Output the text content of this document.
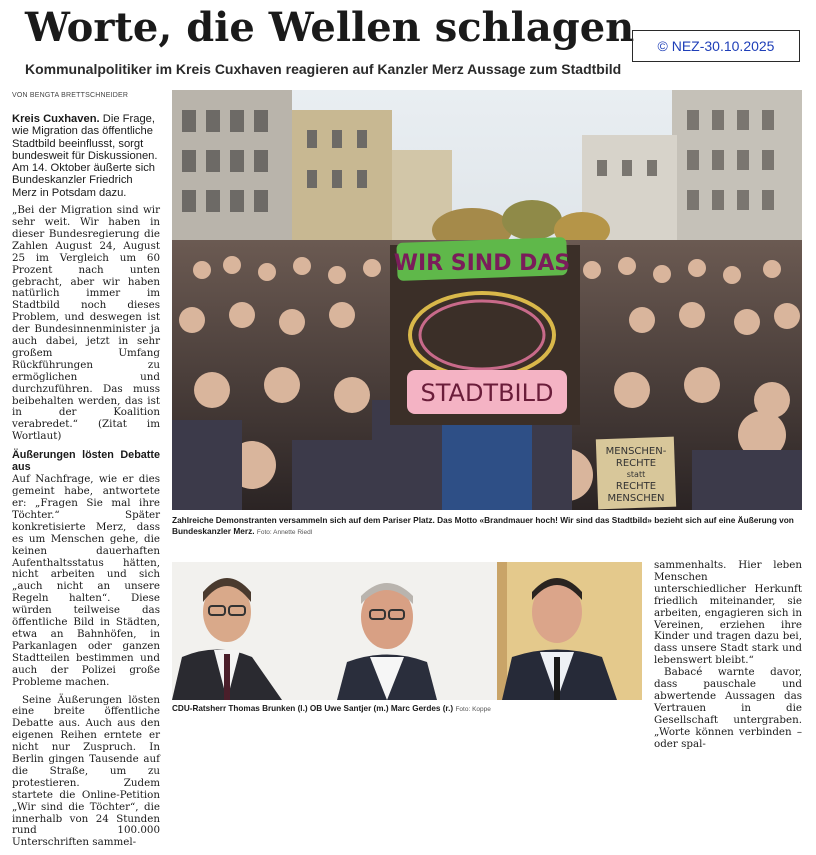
Worte, die Wellen schlagen	© NEZ-30.10.2025
Kommunalpolitiker im Kreis Cuxhaven reagieren auf Kanzler Merz Aussage zum Stadtbild
VON BENGTA BRETTSCHNEIDER

Kreis Cuxhaven. Die Frage, wie Migration das öffentliche Stadtbild beeinflusst, sorgt bundesweit für Diskussionen. Am 14. Oktober äußerte sich Bundeskanzler Friedrich Merz in Potsdam dazu.

„Bei der Migration sind wir sehr weit. Wir haben in dieser Bundesregierung die Zahlen August 24, August 25 im Vergleich um 60 Prozent nach unten gebracht, aber wir haben natürlich immer im Stadtbild noch dieses Problem, und deswegen ist der Bundesinnenminister ja auch dabei, jetzt in sehr großem Umfang Rückführungen zu ermöglichen und durchzuführen. Das muss beibehalten werden, das ist in der Koalition verabredet.“ (Zitat im Wortlaut)

Äußerungen lösten Debatte aus

Auf Nachfrage, wie er dies gemeint habe, antwortete er: „Fragen Sie mal ihre Töchter.“ Später konkretisierte Merz, dass es um Menschen gehe, die keinen dauerhaften Aufenthaltsstatus hätten, nicht arbeiten und sich „auch nicht an unsere Regeln halten“. Diese würden teilweise das öffentliche Bild in Städten, etwa an Bahnhöfen, in Parkanlagen oder ganzen Stadtteilen bestimmen und auch der Polizei große Probleme machen.

Seine Äußerungen lösten eine breite öffentliche Debatte aus. Auch aus den eigenen Reihen erntete er nicht nur Zuspruch. In Berlin gingen Tausende auf die Straße, um zu protestieren. Zudem startete die Online-Petition „Wir sind die Töchter“, die innerhalb von 24 Stunden rund 100.000 Unterschriften sammel-

WIR SIND DAS
STADTBILD
MENSCHEN-
RECHTE
statt
RECHTE
MENSCHEN
Zahlreiche Demonstranten versammeln sich auf dem Pariser Platz. Das Motto «Brandmauer hoch! Wir sind das Stadtbild» bezieht sich auf eine Äußerung von Bundeskanzler Merz. Foto: Annette Riedl
CDU-Ratsherr Thomas Brunken (l.) OB Uwe Santjer (m.) Marc Gerdes (r.) Foto: Koppe

sammenhalts. Hier leben Menschen unterschiedlicher Herkunft friedlich miteinander, sie arbeiten, engagieren sich in Vereinen, erziehen ihre Kinder und tragen dazu bei, dass unsere Stadt stark und lebenswert bleibt.“

Babacé warnte davor, dass pauschale und abwertende Aussagen das Vertrauen in die Gesellschaft untergraben. „Worte können verbinden – oder spal-
